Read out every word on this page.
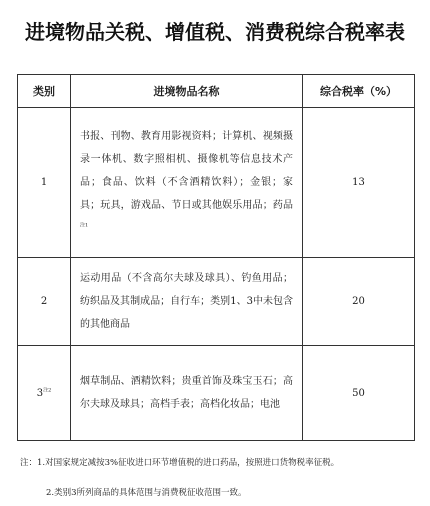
进境物品关税、增值税、消费税综合税率表
类别	进境物品名称	综合税率（%）
1	书报、刊物、教育用影视资料；计算机、视频摄录一体机、数字照相机、摄像机等信息技术产品；食品、饮料（不含酒精饮料）；金银；家具；玩具，游戏品、节日或其他娱乐用品；药品$^{注1}$	13
2	运动用品（不含高尔夫球及球具）、钓鱼用品；纺织品及其制成品；自行车；类别1、3中未包含的其他商品	20
3$^{注2}$	烟草制品、酒精饮料；贵重首饰及珠宝玉石；高尔夫球及球具；高档手表；高档化妆品；电池	50
注：1.对国家规定减按3%征收进口环节增值税的进口药品，按照进口货物税率征税。
2.类别3所列商品的具体范围与消费税征收范围一致。
